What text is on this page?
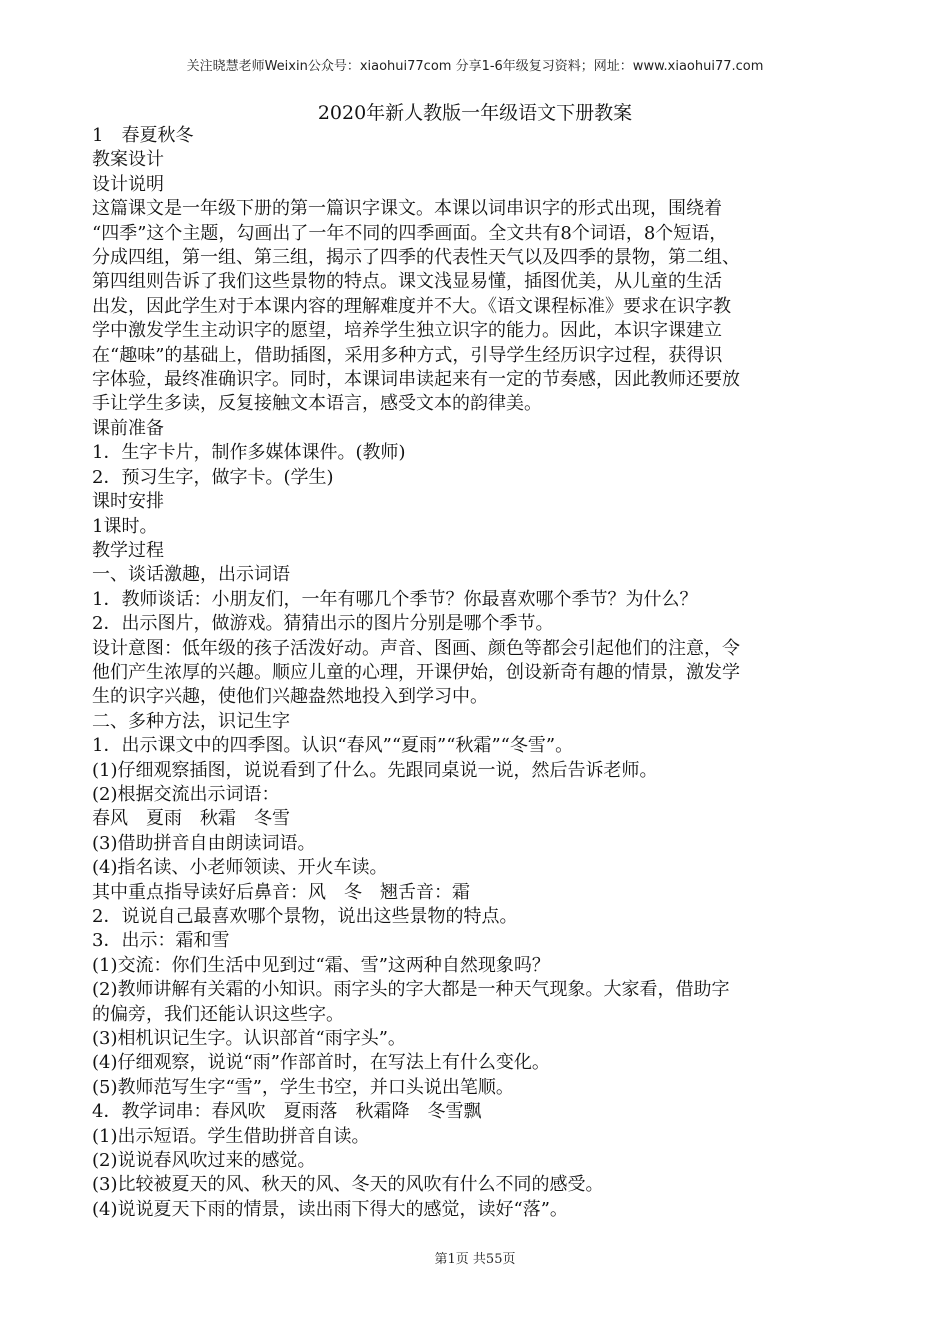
关注晓慧老师Weixin公众号：xiaohui77com 分享1-6年级复习资料；网址：www.xiaohui77.com
2020年新人教版一年级语文下册教案
1　春夏秋冬
教案设计
设计说明
这篇课文是一年级下册的第一篇识字课文。本课以词串识字的形式出现，围绕着
“四季”这个主题，勾画出了一年不同的四季画面。全文共有8个词语，8个短语，
分成四组，第一组、第三组，揭示了四季的代表性天气以及四季的景物，第二组、
第四组则告诉了我们这些景物的特点。课文浅显易懂，插图优美，从儿童的生活
出发，因此学生对于本课内容的理解难度并不大。《语文课程标准》要求在识字教
学中激发学生主动识字的愿望，培养学生独立识字的能力。因此，本识字课建立
在“趣味”的基础上，借助插图，采用多种方式，引导学生经历识字过程，获得识
字体验，最终准确识字。同时，本课词串读起来有一定的节奏感，因此教师还要放
手让学生多读，反复接触文本语言，感受文本的韵律美。
课前准备
1．生字卡片，制作多媒体课件。(教师)
2．预习生字，做字卡。(学生)
课时安排
1课时。
教学过程
一、谈话激趣，出示词语
1．教师谈话：小朋友们，一年有哪几个季节？你最喜欢哪个季节？为什么？
2．出示图片，做游戏。猜猜出示的图片分别是哪个季节。
设计意图：低年级的孩子活泼好动。声音、图画、颜色等都会引起他们的注意，令
他们产生浓厚的兴趣。顺应儿童的心理，开课伊始，创设新奇有趣的情景，激发学
生的识字兴趣，使他们兴趣盎然地投入到学习中。
二、多种方法，识记生字
1．出示课文中的四季图。认识“春风”“夏雨”“秋霜”“冬雪”。
(1)仔细观察插图，说说看到了什么。先跟同桌说一说，然后告诉老师。
(2)根据交流出示词语：
春风　夏雨　秋霜　冬雪
(3)借助拼音自由朗读词语。
(4)指名读、小老师领读、开火车读。
其中重点指导读好后鼻音：风　冬　翘舌音：霜
2．说说自己最喜欢哪个景物，说出这些景物的特点。
3．出示：霜和雪
(1)交流：你们生活中见到过“霜、雪”这两种自然现象吗？
(2)教师讲解有关霜的小知识。雨字头的字大都是一种天气现象。大家看，借助字
的偏旁，我们还能认识这些字。
(3)相机识记生字。认识部首“雨字头”。
(4)仔细观察，说说“雨”作部首时，在写法上有什么变化。
(5)教师范写生字“雪”，学生书空，并口头说出笔顺。
4．教学词串：春风吹　夏雨落　秋霜降　冬雪飘
(1)出示短语。学生借助拼音自读。
(2)说说春风吹过来的感觉。
(3)比较被夏天的风、秋天的风、冬天的风吹有什么不同的感受。
(4)说说夏天下雨的情景，读出雨下得大的感觉，读好“落”。
第1页 共55页
